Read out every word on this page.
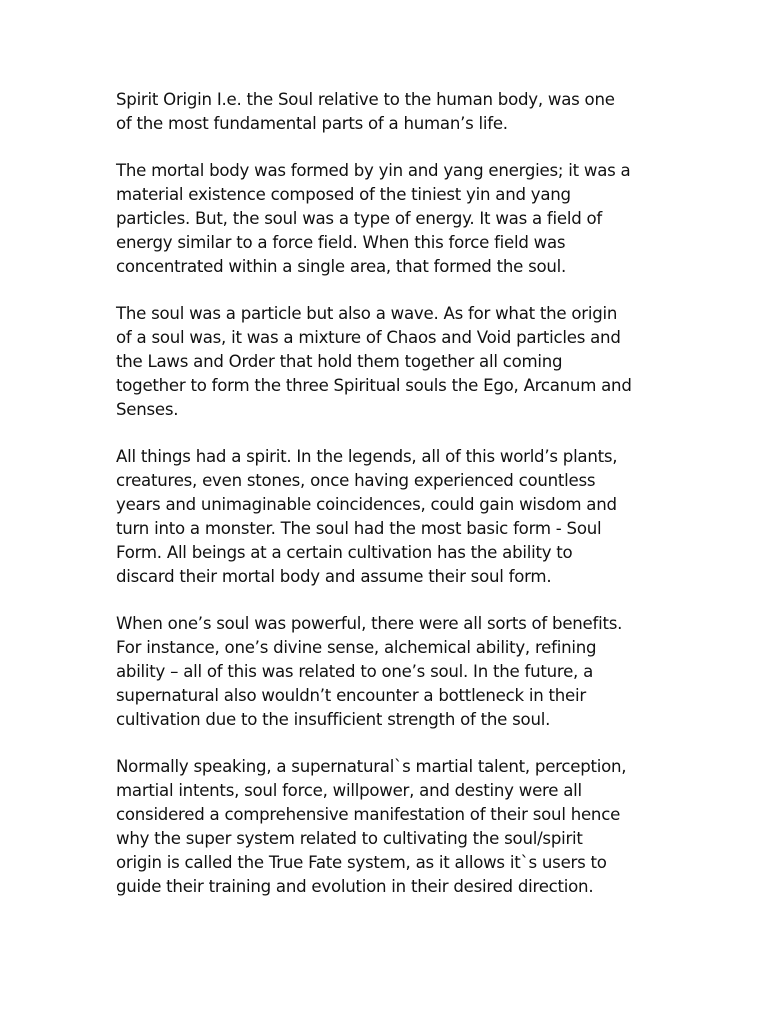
Spirit Origin I.e. the Soul relative to the human body, was one
of the most fundamental parts of a human’s life.

The mortal body was formed by yin and yang energies; it was a
material existence composed of the tiniest yin and yang
particles. But, the soul was a type of energy. It was a field of
energy similar to a force field. When this force field was
concentrated within a single area, that formed the soul.

The soul was a particle but also a wave. As for what the origin
of a soul was, it was a mixture of Chaos and Void particles and
the Laws and Order that hold them together all coming
together to form the three Spiritual souls the Ego, Arcanum and
Senses.

All things had a spirit. In the legends, all of this world’s plants,
creatures, even stones, once having experienced countless
years and unimaginable coincidences, could gain wisdom and
turn into a monster. The soul had the most basic form - Soul
Form. All beings at a certain cultivation has the ability to
discard their mortal body and assume their soul form.

When one’s soul was powerful, there were all sorts of benefits.
For instance, one’s divine sense, alchemical ability, refining
ability – all of this was related to one’s soul. In the future, a
supernatural also wouldn’t encounter a bottleneck in their
cultivation due to the insufficient strength of the soul.

Normally speaking, a supernatural`s martial talent, perception,
martial intents, soul force, willpower, and destiny were all
considered a comprehensive manifestation of their soul hence
why the super system related to cultivating the soul/spirit
origin is called the True Fate system, as it allows it`s users to
guide their training and evolution in their desired direction.
